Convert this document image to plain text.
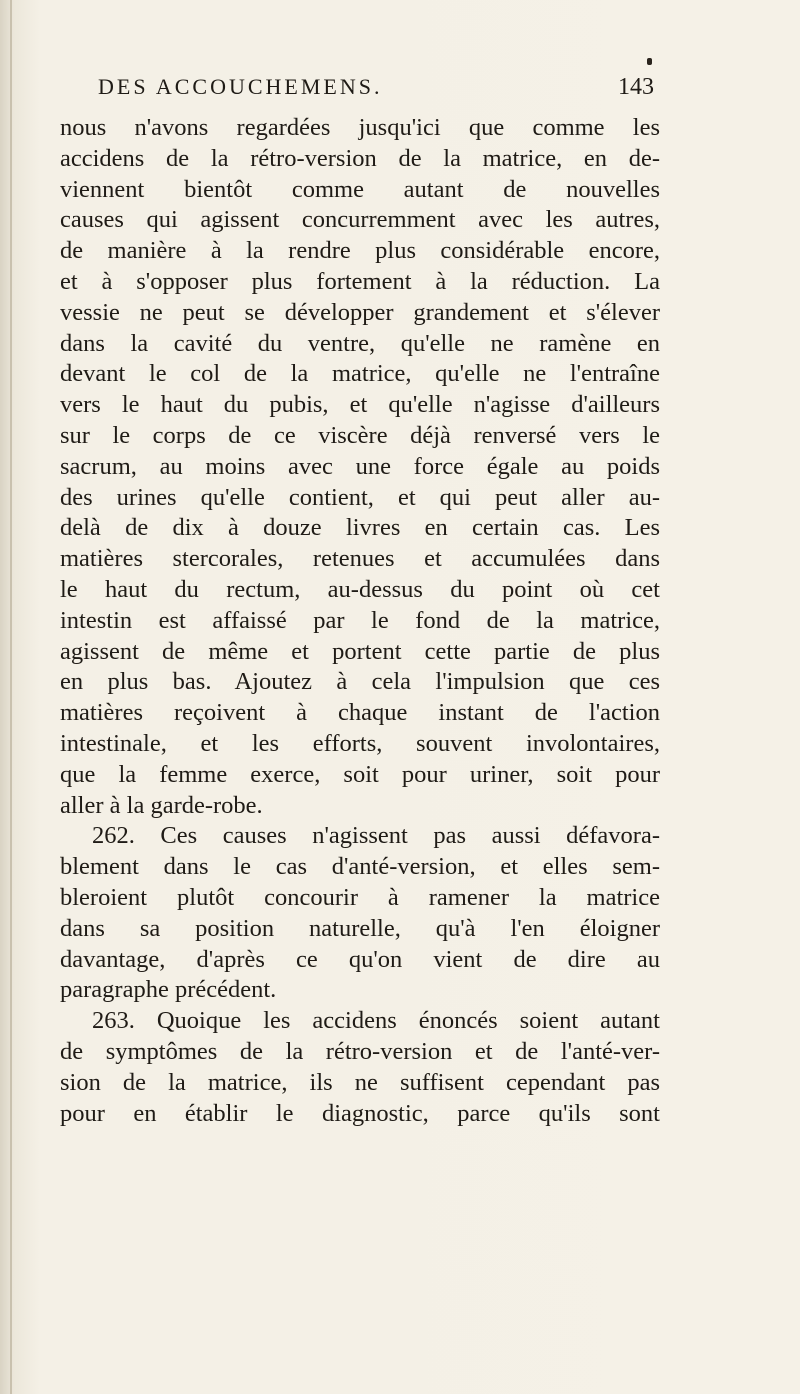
DES ACCOUCHEMENS.	143
nous n'avons regardées jusqu'ici que comme les
accidens de la rétro-version de la matrice, en de-
viennent bientôt comme autant de nouvelles
causes qui agissent concurremment avec les autres,
de manière à la rendre plus considérable encore,
et à s'opposer plus fortement à la réduction. La
vessie ne peut se développer grandement et s'élever
dans la cavité du ventre, qu'elle ne ramène en
devant le col de la matrice, qu'elle ne l'entraîne
vers le haut du pubis, et qu'elle n'agisse d'ailleurs
sur le corps de ce viscère déjà renversé vers le
sacrum, au moins avec une force égale au poids
des urines qu'elle contient, et qui peut aller au-
delà de dix à douze livres en certain cas. Les
matières stercorales, retenues et accumulées dans
le haut du rectum, au-dessus du point où cet
intestin est affaissé par le fond de la matrice,
agissent de même et portent cette partie de plus
en plus bas. Ajoutez à cela l'impulsion que ces
matières reçoivent à chaque instant de l'action
intestinale, et les efforts, souvent involontaires,
que la femme exerce, soit pour uriner, soit pour
aller à la garde-robe.
262. Ces causes n'agissent pas aussi défavora-
blement dans le cas d'anté-version, et elles sem-
bleroient plutôt concourir à ramener la matrice
dans sa position naturelle, qu'à l'en éloigner
davantage, d'après ce qu'on vient de dire au
paragraphe précédent.
263. Quoique les accidens énoncés soient autant
de symptômes de la rétro-version et de l'anté-ver-
sion de la matrice, ils ne suffisent cependant pas
pour en établir le diagnostic, parce qu'ils sont
